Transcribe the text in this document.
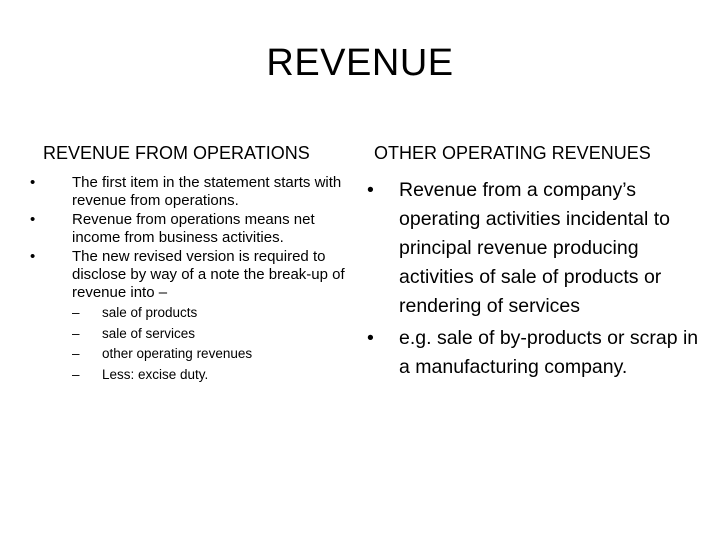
REVENUE
REVENUE FROM OPERATIONS	OTHER OPERATING REVENUES
• The first item in the statement starts with revenue from operations.
• Revenue from operations means net income from business activities.
• The new revised version is required to disclose by way of a note the break-up of revenue into –
– sale of products
– sale of services
– other operating revenues
– Less: excise duty.
• Revenue from a company’s operating activities incidental to principal revenue producing activities of sale of products or rendering of services
• e.g. sale of by-products or scrap in a manufacturing company.
